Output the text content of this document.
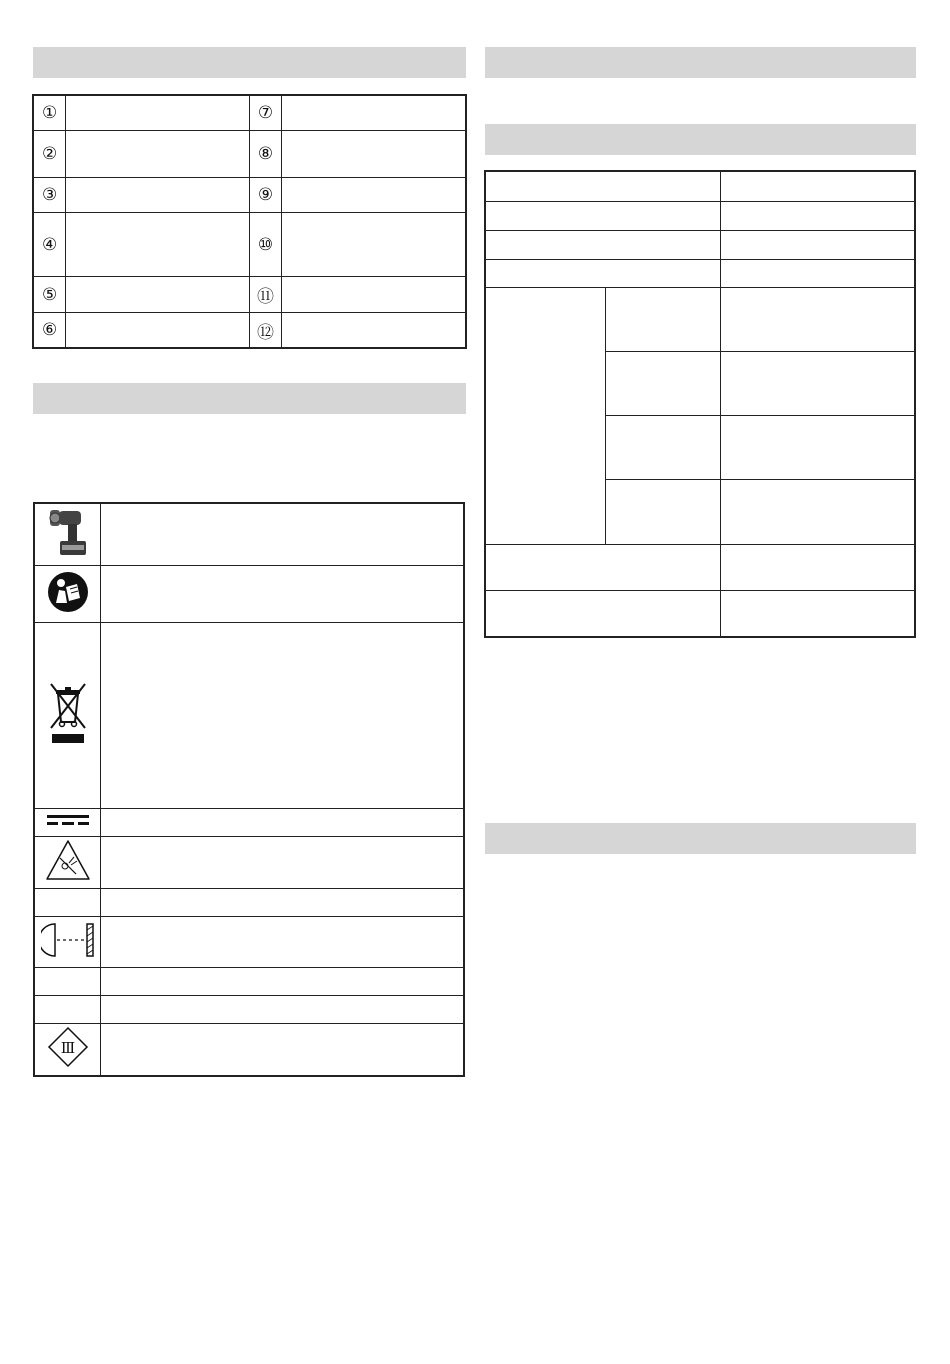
①		⑦	
②		⑧	
③		⑨	
④		⑩	
⑤		⑪	
⑥		⑫	

Ⅲ	
